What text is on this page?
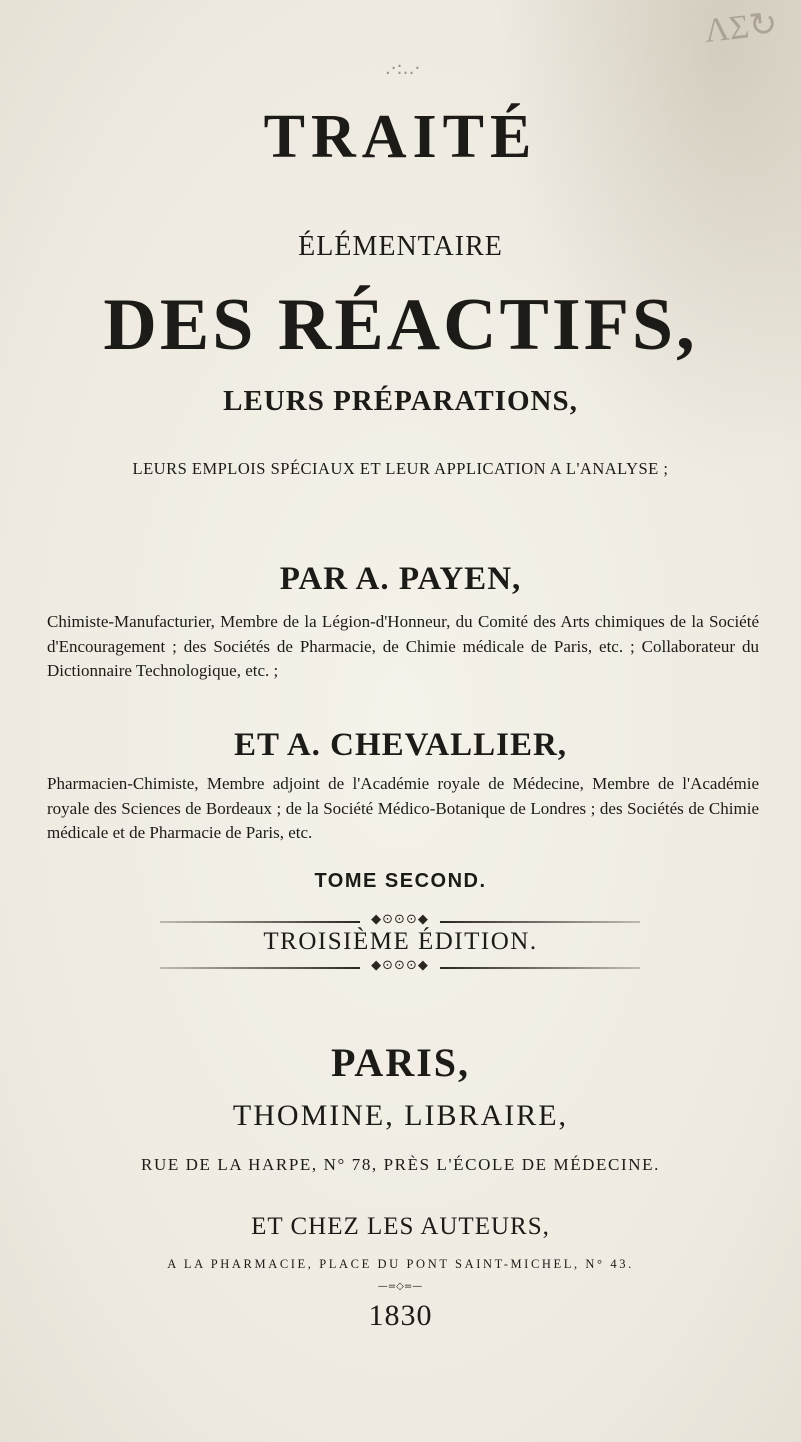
ɅΣ↻
.·:‥·
TRAITÉ
ÉLÉMENTAIRE
DES RÉACTIFS,
LEURS PRÉPARATIONS,
LEURS EMPLOIS SPÉCIAUX ET LEUR APPLICATION A L'ANALYSE ;
PAR A. PAYEN,
Chimiste-Manufacturier, Membre de la Légion-d'Honneur, du Comité des Arts chimiques de la Société d'Encouragement ; des Sociétés de Pharmacie, de Chimie médicale de Paris, etc. ; Collaborateur du Dictionnaire Technologique, etc. ;
ET A. CHEVALLIER,
Pharmacien-Chimiste, Membre adjoint de l'Académie royale de Médecine, Membre de l'Académie royale des Sciences de Bordeaux ; de la Société Médico-Botanique de Londres ; des Sociétés de Chimie médicale et de Pharmacie de Paris, etc.
TOME SECOND.
◆⊙⊙⊙◆
TROISIÈME ÉDITION.
◆⊙⊙⊙◆
PARIS,
THOMINE, LIBRAIRE,
RUE DE LA HARPE, N° 78, PRÈS L'ÉCOLE DE MÉDECINE.
ET CHEZ LES AUTEURS,
A LA PHARMACIE, PLACE DU PONT SAINT-MICHEL, N° 43.
—=◇=—
1830
